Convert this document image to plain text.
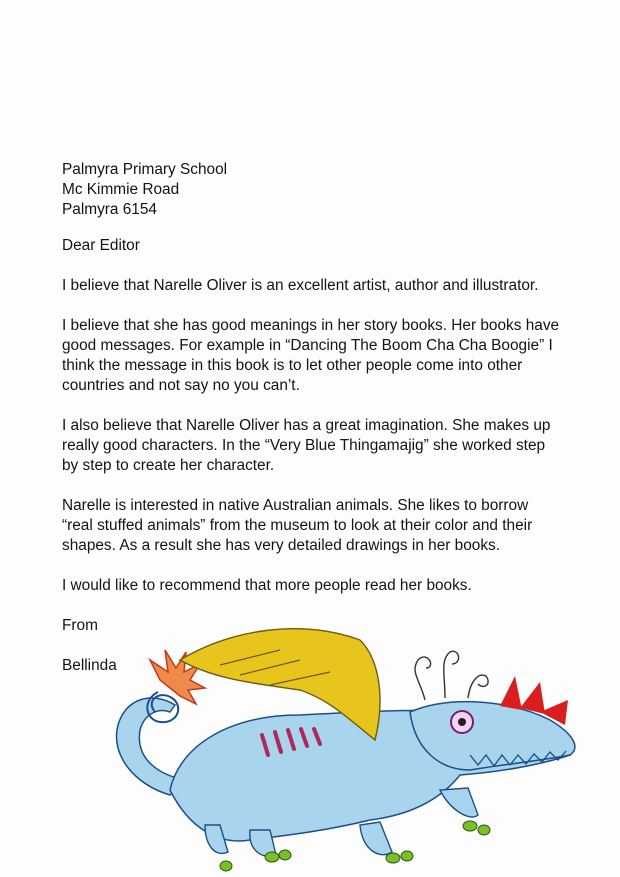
Palmyra Primary School
Mc Kimmie Road
Palmyra 6154

Dear Editor

I believe that Narelle Oliver is an excellent artist, author and illustrator.

I believe that she has good meanings in her story books. Her books have good messages. For example in “Dancing The Boom Cha Cha Boogie” I think the message in this book is to let other people come into other countries and not say no you can’t.

I also believe that Narelle Oliver has a great imagination. She makes up really good characters. In the “Very Blue Thingamajig” she worked step by step to create her character.

Narelle is interested in native Australian animals. She likes to borrow “real stuffed animals” from the museum to look at their color and their shapes. As a result she has very detailed drawings in her books.

I would like to recommend that more people read her books.

From

Bellinda
